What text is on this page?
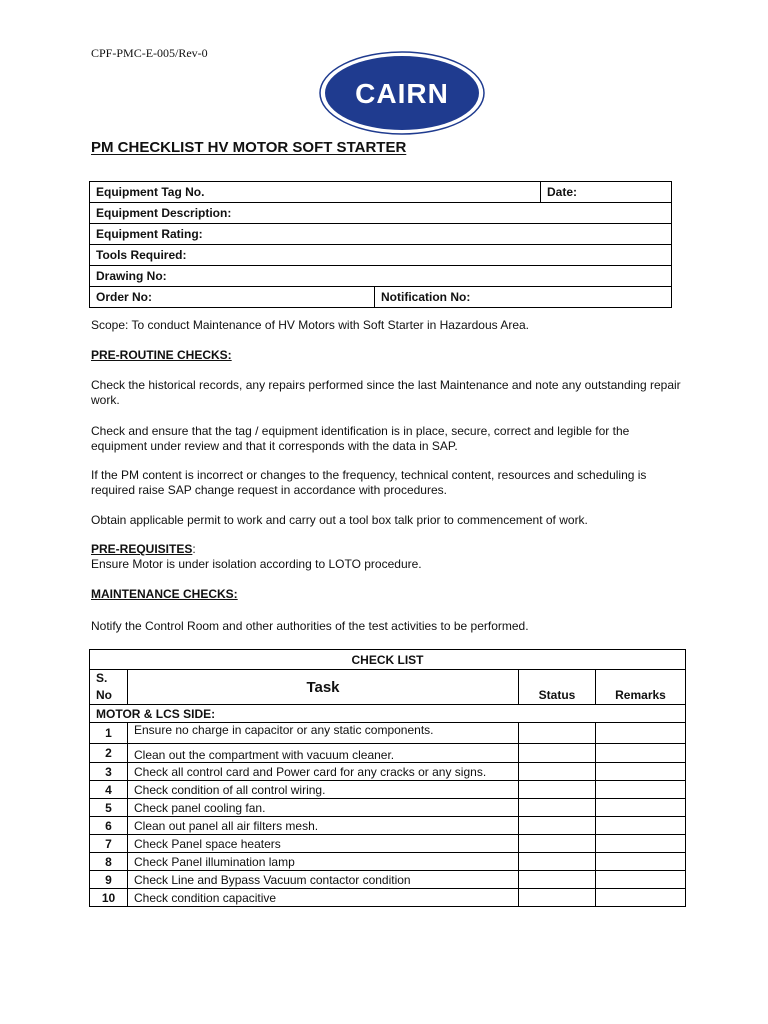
CPF-PMC-E-005/Rev-0
CAIRN
PM CHECKLIST HV MOTOR SOFT STARTER
Equipment Tag No.		Date:
Equipment Description:		
Equipment Rating:		
Tools Required:		
Drawing No:		
Order No:	Notification No:	

Scope: To conduct Maintenance of HV Motors with Soft Starter in Hazardous Area.

PRE-ROUTINE CHECKS:

Check the historical records, any repairs performed since the last Maintenance and note any outstanding repair work.

Check and ensure that the tag / equipment identification is in place, secure, correct and legible for the equipment under review and that it corresponds with the data in SAP.

If the PM content is incorrect or changes to the frequency, technical content, resources and scheduling is required raise SAP change request in accordance with procedures.

Obtain applicable permit to work and carry out a tool box talk prior to commencement of work.

PRE-REQUISITES:

Ensure Motor is under isolation according to LOTO procedure.

MAINTENANCE CHECKS:

Notify the Control Room and other authorities of the test activities to be performed.

CHECK LIST			

S.
No	Task	Status	Remarks
MOTOR & LCS SIDE:			
1	Ensure no charge in capacitor or any static components.		
2	Clean out the compartment with vacuum cleaner.		
3	Check all control card and Power card for any cracks or any signs.		
4	Check condition of all control wiring.		
5	Check panel cooling fan.		
6	Clean out panel all air filters mesh.		
7	Check Panel space heaters		
8	Check Panel illumination lamp		
9	Check Line and Bypass Vacuum contactor condition		
10	Check condition capacitive		
